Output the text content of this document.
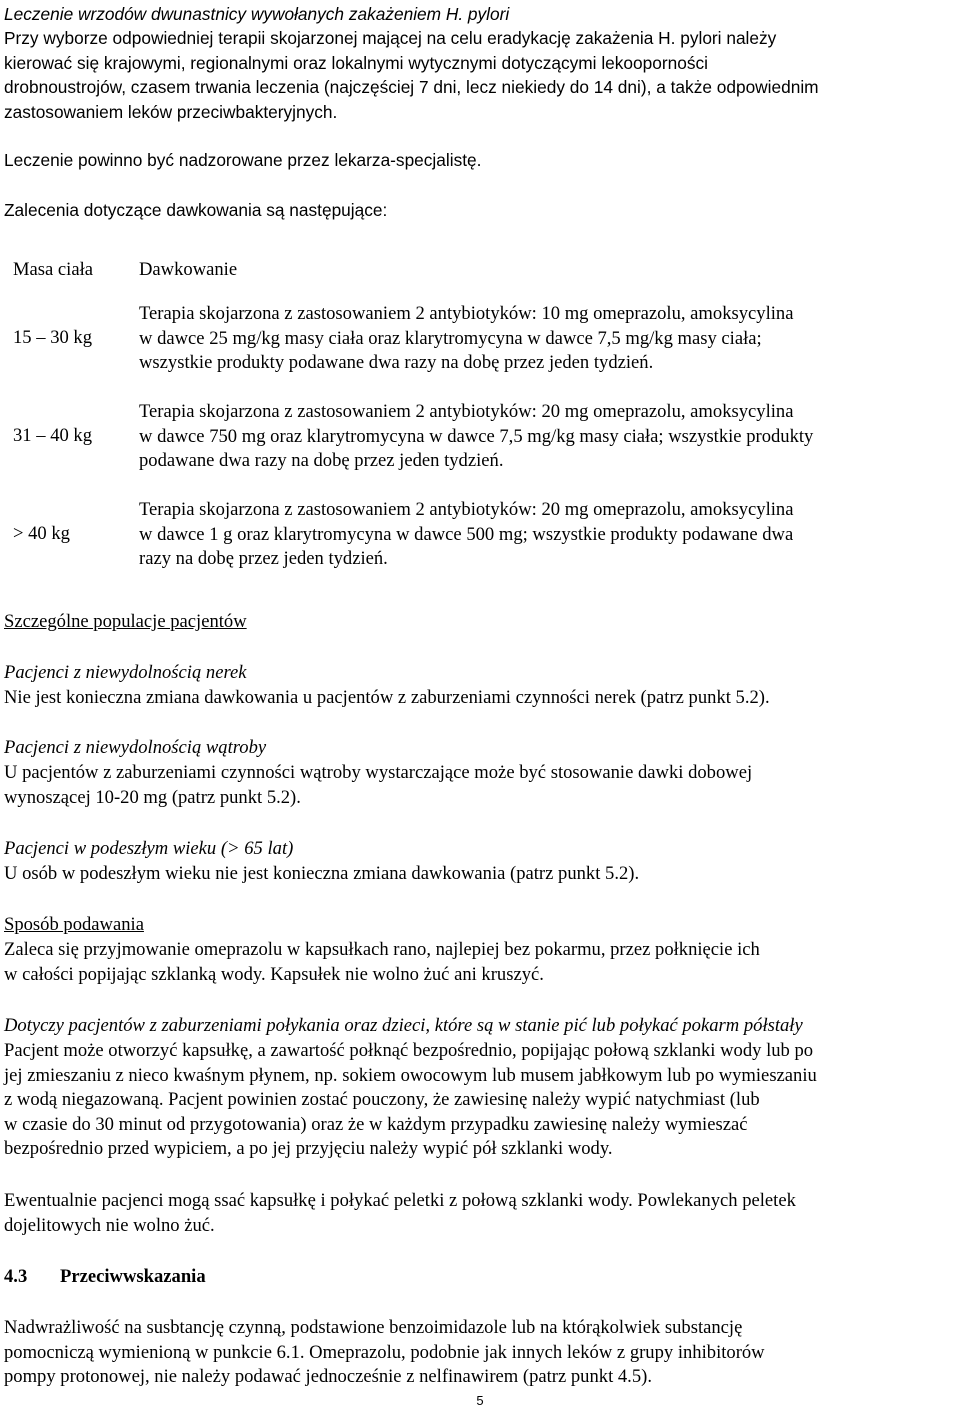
Leczenie wrzodów dwunastnicy wywołanych zakażeniem H. pylori

Przy wyborze odpowiedniej terapii skojarzonej mającej na celu eradykację zakażenia H. pylori należy
kierować się krajowymi, regionalnymi oraz lokalnymi wytycznymi dotyczącymi lekooporności
drobnoustrojów, czasem trwania leczenia (najczęściej 7 dni, lecz niekiedy do 14 dni), a także odpowiednim
zastosowaniem leków przeciwbakteryjnych.

Leczenie powinno być nadzorowane przez lekarza-specjalistę.

Zalecenia dotyczące dawkowania są następujące:

Masa ciała	Dawkowanie
15 – 30 kg
Terapia skojarzona z zastosowaniem 2 antybiotyków: 10 mg omeprazolu, amoksycylina
w dawce 25 mg/kg masy ciała oraz klarytromycyna w dawce 7,5 mg/kg masy ciała;
wszystkie produkty podawane dwa razy na dobę przez jeden tydzień.
31 – 40 kg
Terapia skojarzona z zastosowaniem 2 antybiotyków: 20 mg omeprazolu, amoksycylina
w dawce 750 mg oraz klarytromycyna w dawce 7,5 mg/kg masy ciała; wszystkie produkty
podawane dwa razy na dobę przez jeden tydzień.
> 40 kg
Terapia skojarzona z zastosowaniem 2 antybiotyków: 20 mg omeprazolu, amoksycylina
w dawce 1 g oraz klarytromycyna w dawce 500 mg; wszystkie produkty podawane dwa
razy na dobę przez jeden tydzień.

Szczególne populacje pacjentów

Pacjenci z niewydolnością nerek

Nie jest konieczna zmiana dawkowania u pacjentów z zaburzeniami czynności nerek (patrz punkt 5.2).

Pacjenci z niewydolnością wątroby

U pacjentów z zaburzeniami czynności wątroby wystarczające może być stosowanie dawki dobowej
wynoszącej 10-20 mg (patrz punkt 5.2).

Pacjenci w podeszłym wieku (> 65 lat)

U osób w podeszłym wieku nie jest konieczna zmiana dawkowania (patrz punkt 5.2).

Sposób podawania

Zaleca się przyjmowanie omeprazolu w kapsułkach rano, najlepiej bez pokarmu, przez połknięcie ich
w całości popijając szklanką wody. Kapsułek nie wolno żuć ani kruszyć.

Dotyczy pacjentów z zaburzeniami połykania oraz dzieci, które są w stanie pić lub połykać pokarm półstały

Pacjent może otworzyć kapsułkę, a zawartość połknąć bezpośrednio, popijając połową szklanki wody lub po
jej zmieszaniu z nieco kwaśnym płynem, np. sokiem owocowym lub musem jabłkowym lub po wymieszaniu
z wodą niegazowaną. Pacjent powinien zostać pouczony, że zawiesinę należy wypić natychmiast (lub
w czasie do 30 minut od przygotowania) oraz że w każdym przypadku zawiesinę należy wymieszać
bezpośrednio przed wypiciem, a po jej przyjęciu należy wypić pół szklanki wody.
Ewentualnie pacjenci mogą ssać kapsułkę i połykać peletki z połową szklanki wody. Powlekanych peletek
dojelitowych nie wolno żuć.
4.3 Przeciwwskazania
Nadwrażliwość na susbtancję czynną, podstawione benzoimidazole lub na którąkolwiek substancję
pomocniczą wymienioną w punkcie 6.1. Omeprazolu, podobnie jak innych leków z grupy inhibitorów
pompy protonowej, nie należy podawać jednocześnie z nelfinawirem (patrz punkt 4.5).
5
